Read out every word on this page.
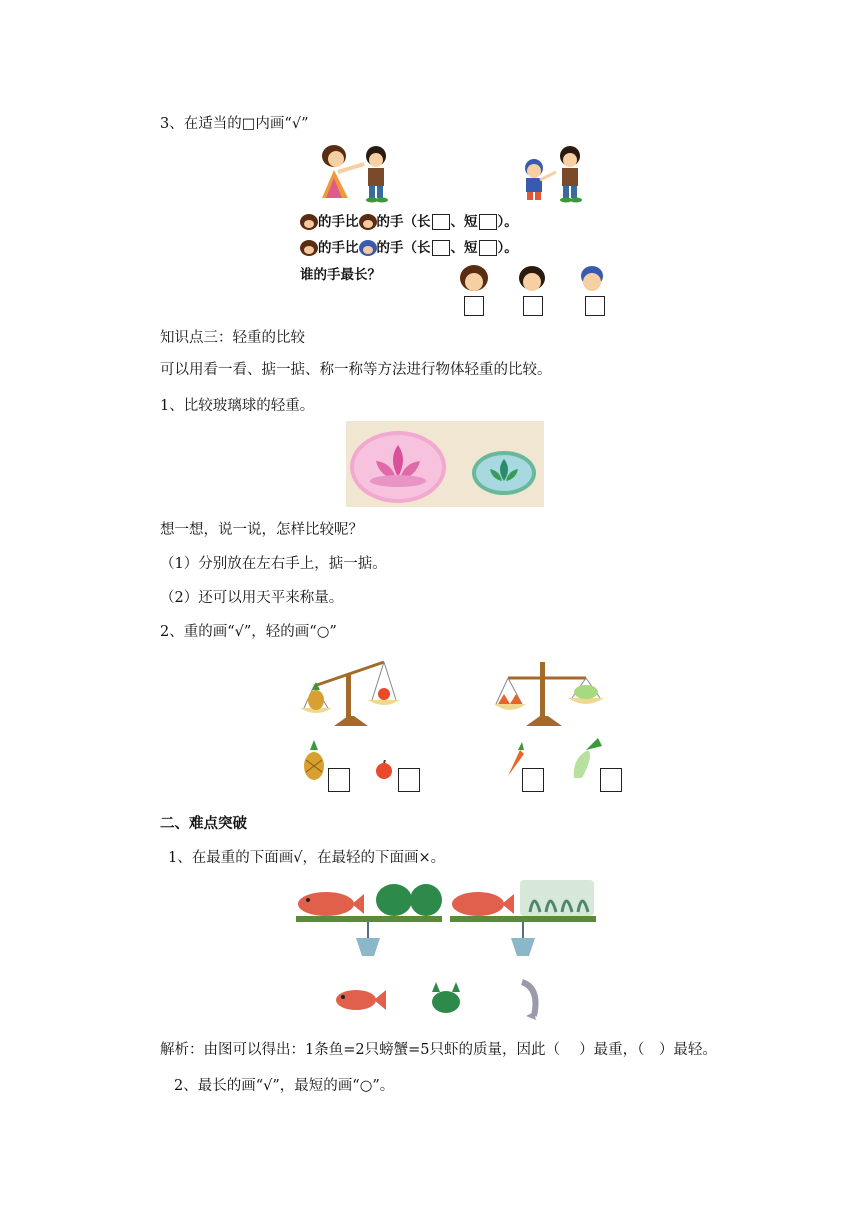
3、在适当的□内画“√”
的手比 的手（长 、短 ）。
的手比 的手（长 、短 ）。
谁的手最长？
知识点三：轻重的比较
可以用看一看、掂一掂、称一称等方法进行物体轻重的比较。
1、比较玻璃球的轻重。
想一想，说一说，怎样比较呢？
（1）分别放在左右手上，掂一掂。
（2）还可以用天平来称量。
2、重的画“√”，轻的画“○”
二、难点突破
1、在最重的下面画√，在最轻的下面画×。
解析：由图可以得出：1条鱼=2只螃蟹=5只虾的质量，因此（　 ）最重，（　）最轻。
2、最长的画“√”，最短的画“○”。
